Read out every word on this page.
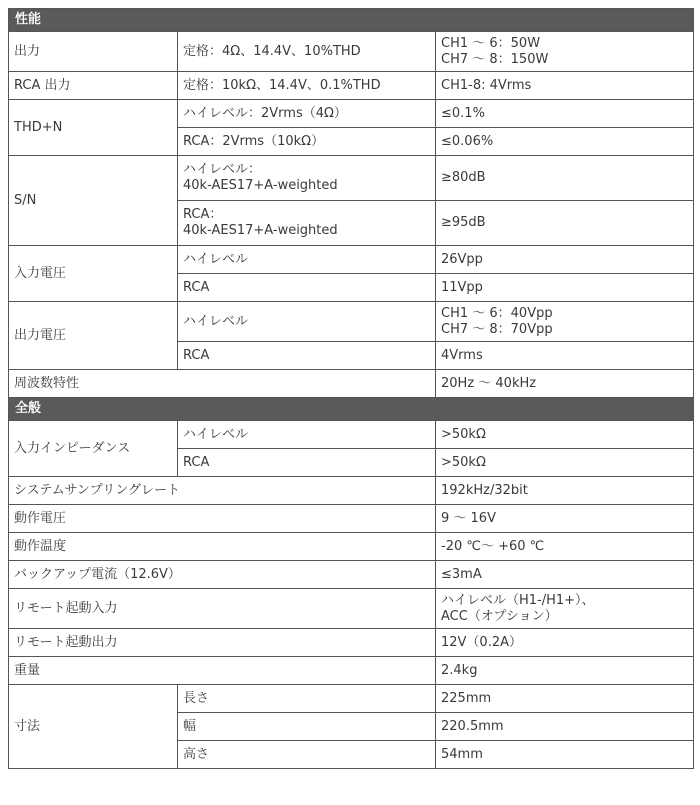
性能		
出力	定格：4Ω、14.4V、10%THD	CH1 ～ 6：50W
CH7 ～ 8：150W

RCA 出力	定格：10kΩ、14.4V、0.1%THD	CH1-8: 4Vrms
THD+N	ハイレベル：2Vrms（4Ω）	≤0.1%
	RCA：2Vrms（10kΩ）	≤0.06%
S/N	ハイレベル：
40k-AES17+A-weighted	≥80dB

	RCA：
40k-AES17+A-weighted	≥95dB
入力電圧	ハイレベル	26Vpp
	RCA	11Vpp
出力電圧	ハイレベル	CH1 ～ 6：40Vpp
CH7 ～ 8：70Vpp

	RCA	4Vrms
周波数特性		20Hz ～ 40kHz
全般		
入力インピーダンス	ハイレベル	>50kΩ
	RCA	>50kΩ
システムサンプリングレート		192kHz/32bit
動作電圧		9 ～ 16V
動作温度		-20 ℃～ +60 ℃
バックアップ電流（12.6V）		≤3mA
リモート起動入力		ハイレベル（H1-/H1+）、
ACC（オプション）

リモート起動出力		12V（0.2A）
重量		2.4kg
寸法	長さ	225mm
	幅	220.5mm
	高さ	54mm
